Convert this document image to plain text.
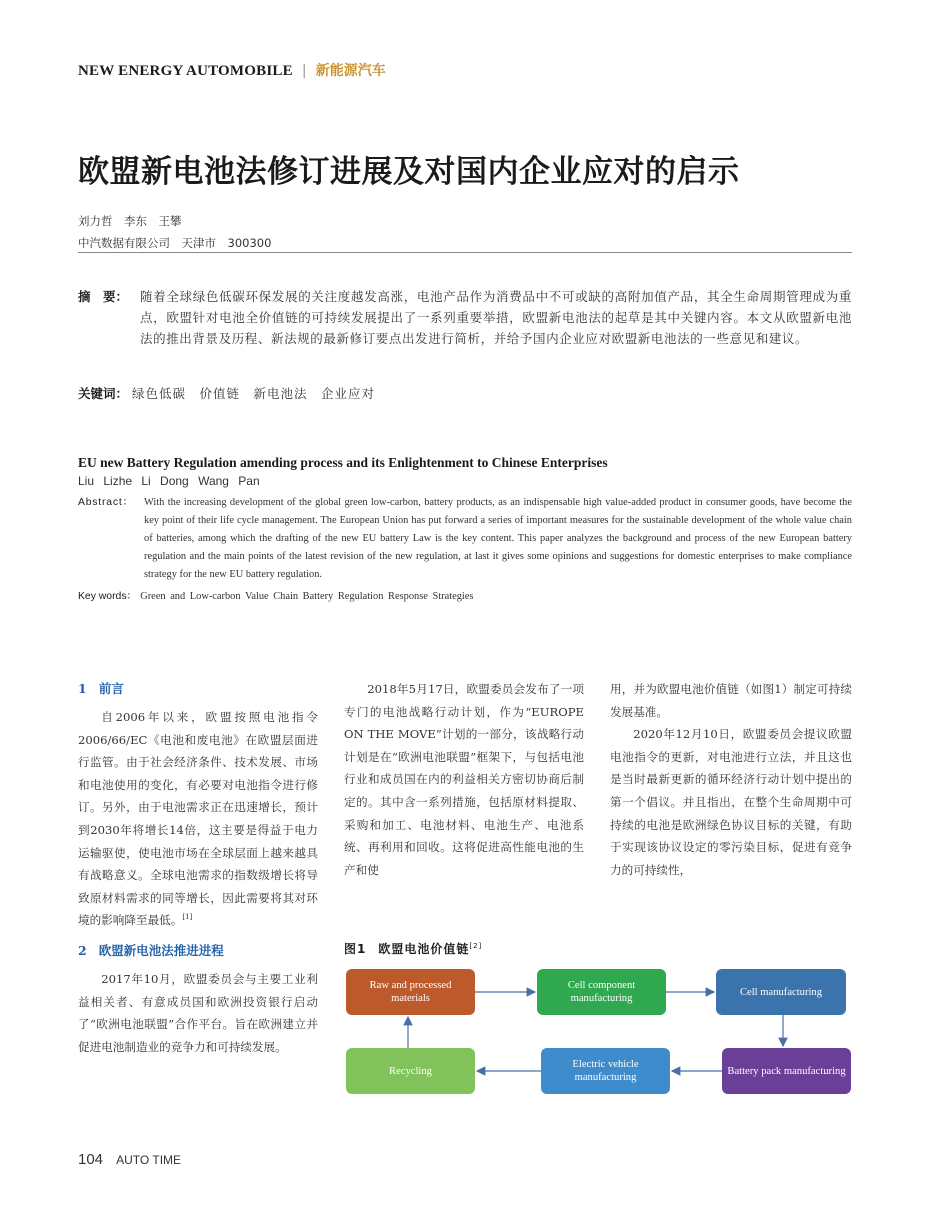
NEW ENERGY AUTOMOBILE | 新能源汽车
欧盟新电池法修订进展及对国内企业应对的启示
刘力哲　李东　王攀
中汽数据有限公司　天津市　300300
摘　要： 随着全球绿色低碳环保发展的关注度越发高涨，电池产品作为消费品中不可或缺的高附加值产品，其全生命周期管理成为重点，欧盟针对电池全价值链的可持续发展提出了一系列重要举措，欧盟新电池法的起草是其中关键内容。本文从欧盟新电池法的推出背景及历程、新法规的最新修订要点出发进行简析，并给予国内企业应对欧盟新电池法的一些意见和建议。
关键词： 绿色低碳　价值链　新电池法　企业应对
EU new Battery Regulation amending process and its Enlightenment to Chinese Enterprises
Liu Lizhe Li Dong Wang Pan
Abstract： With the increasing development of the global green low-carbon, battery products, as an indispensable high value-added product in consumer goods, have become the key point of their life cycle management. The European Union has put forward a series of important measures for the sustainable development of the whole value chain of batteries, among which the drafting of the new EU battery Law is the key content. This paper analyzes the background and process of the new European battery regulation and the main points of the latest revision of the new regulation, at last it gives some opinions and suggestions for domestic enterprises to make compliance strategy for the new EU battery regulation.
Key words： Green and Low-carbon Value Chain Battery Regulation Response Strategies
1 前言

自2006年以来，欧盟按照电池指令2006/66/EC《电池和废电池》在欧盟层面进行监管。由于社会经济条件、技术发展、市场和电池使用的变化，有必要对电池指令进行修订。另外，由于电池需求正在迅速增长，预计到2030年将增长14倍，这主要是得益于电力运输驱使，使电池市场在全球层面上越来越具有战略意义。全球电池需求的指数级增长将导致原材料需求的同等增长，因此需要将其对环境的影响降至最低。[1]

2 欧盟新电池法推进进程

2017年10月，欧盟委员会与主要工业利益相关者、有意成员国和欧洲投资银行启动了“欧洲电池联盟”合作平台。旨在欧洲建立并促进电池制造业的竞争力和可持续发展。

2018年5月17日，欧盟委员会发布了一项专门的电池战略行动计划，作为“EUROPE ON THE MOVE”计划的一部分，该战略行动计划是在“欧洲电池联盟”框架下，与包括电池行业和成员国在内的利益相关方密切协商后制定的。其中含一系列措施，包括原材料提取、采购和加工、电池材料、电池生产、电池系统、再利用和回收。这将促进高性能电池的生产和使

用，并为欧盟电池价值链（如图1）制定可持续发展基准。

2020年12月10日，欧盟委员会提议欧盟电池指令的更新，对电池进行立法，并且这也是当时最新更新的循环经济行动计划中提出的第一个倡议。并且指出，在整个生命周期中可持续的电池是欧洲绿色协议目标的关键，有助于实现该协议设定的零污染目标，促进有竞争力的可持续性，

图1 欧盟电池价值链[2]
Raw and processed materials
Cell component manufacturing
Cell manufacturing
Battery pack manufacturing
Electric vehicle manufacturing
Recycling
104 AUTO TIME
